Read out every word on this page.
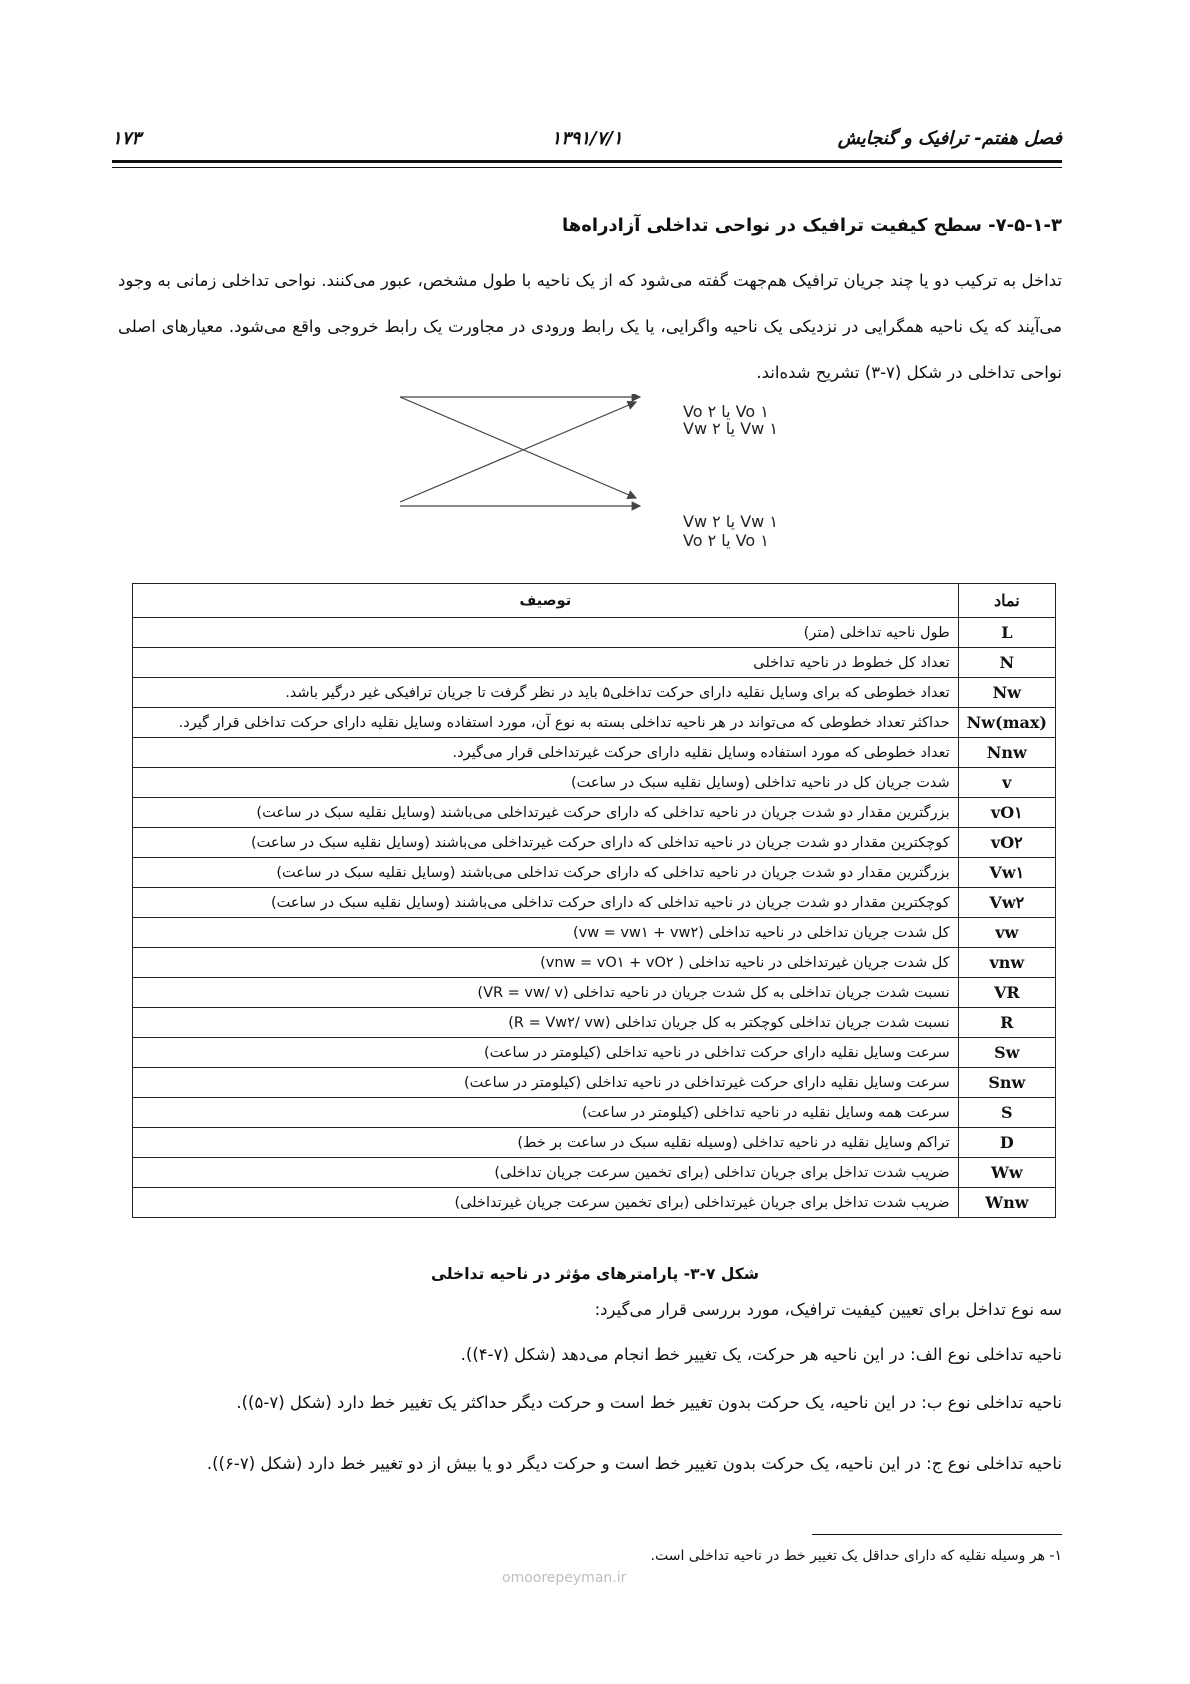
فصل هفتم- ترافیک و گنجایش
۱۳۹۱/۷/۱
۱۷۳
۷-۵-۱-۳- سطح کیفیت ترافیک در نواحی تداخلی آزادراه‌ها
تداخل به ترکیب دو یا چند جریان ترافیک هم‌جهت گفته می‌شود که از یک ناحیه با طول مشخص، عبور می‌کنند. نواحی تداخلی زمانی به وجود می‌آیند که یک ناحیه همگرایی در نزدیکی یک ناحیه واگرایی، یا یک رابط ورودی در مجاورت یک رابط خروجی واقع می‌شود. معیارهای اصلی نواحی تداخلی در شکل (۷-۳) تشریح شده‌اند.
Vo ۱ یا Vo ۲
Vw ۱ یا Vw ۲
Vw ۱ یا Vw ۲
Vo ۱ یا Vo ۲
نماد	توصیف
L	طول ناحیه تداخلی (متر)
N	تعداد کل خطوط در ناحیه تداخلی
Nw	تعداد خطوطی که برای وسایل نقلیه دارای حرکت تداخلی۵ باید در نظر گرفت تا جریان ترافیکی غیر درگیر باشد.
Nw(max)	حداکثر تعداد خطوطی که می‌تواند در هر ناحیه تداخلی بسته به نوع آن، مورد استفاده وسایل نقلیه دارای حرکت تداخلی قرار گیرد.
Nnw	تعداد خطوطی که مورد استفاده وسایل نقلیه دارای حرکت غیرتداخلی قرار می‌گیرد.
v	شدت جریان کل در ناحیه تداخلی (وسایل نقلیه سبک در ساعت)
vO۱	بزرگترین مقدار دو شدت جریان در ناحیه تداخلی که دارای حرکت غیرتداخلی می‌باشند (وسایل نقلیه سبک در ساعت)
vO۲	کوچکترین مقدار دو شدت جریان در ناحیه تداخلی که دارای حرکت غیرتداخلی می‌باشند (وسایل نقلیه سبک در ساعت)
Vw۱	بزرگترین مقدار دو شدت جریان در ناحیه تداخلی که دارای حرکت تداخلی می‌باشند (وسایل نقلیه سبک در ساعت)
Vw۲	کوچکترین مقدار دو شدت جریان در ناحیه تداخلی که دارای حرکت تداخلی می‌باشند (وسایل نقلیه سبک در ساعت)
vw	کل شدت جریان تداخلی در ناحیه تداخلی (vw = vw۱ + vw۲)
vnw	کل شدت جریان غیرتداخلی در ناحیه تداخلی ( vnw = vO۱ + vO۲)
VR	نسبت شدت جریان تداخلی به کل شدت جریان در ناحیه تداخلی (VR = vw/ v)
R	نسبت شدت جریان تداخلی کوچکتر به کل جریان تداخلی (R = Vw۲/ vw)
Sw	سرعت وسایل نقلیه دارای حرکت تداخلی در ناحیه تداخلی (کیلومتر در ساعت)
Snw	سرعت وسایل نقلیه دارای حرکت غیرتداخلی در ناحیه تداخلی (کیلومتر در ساعت)
S	سرعت همه وسایل نقلیه در ناحیه تداخلی (کیلومتر در ساعت)
D	تراکم وسایل نقلیه در ناحیه تداخلی (وسیله نقلیه سبک در ساعت بر خط)
Ww	ضریب شدت تداخل برای جریان تداخلی (برای تخمین سرعت جریان تداخلی)
Wnw	ضریب شدت تداخل برای جریان غیرتداخلی (برای تخمین سرعت جریان غیرتداخلی)
شکل ۷-۳- پارامترهای مؤثر در ناحیه تداخلی
سه نوع تداخل برای تعیین کیفیت ترافیک، مورد بررسی قرار می‌گیرد:
ناحیه تداخلی نوع الف: در این ناحیه هر حرکت، یک تغییر خط انجام می‌دهد (شکل (۷-۴)).
ناحیه تداخلی نوع ب: در این ناحیه، یک حرکت بدون تغییر خط است و حرکت دیگر حداکثر یک تغییر خط دارد (شکل (۷-۵)).
ناحیه تداخلی نوع ج: در این ناحیه، یک حرکت بدون تغییر خط است و حرکت دیگر دو یا بیش از دو تغییر خط دارد (شکل (۷-۶)).
۱- هر وسیله نقلیه که دارای حداقل یک تغییر خط در ناحیه تداخلی است.
omoorepeyman.ir
